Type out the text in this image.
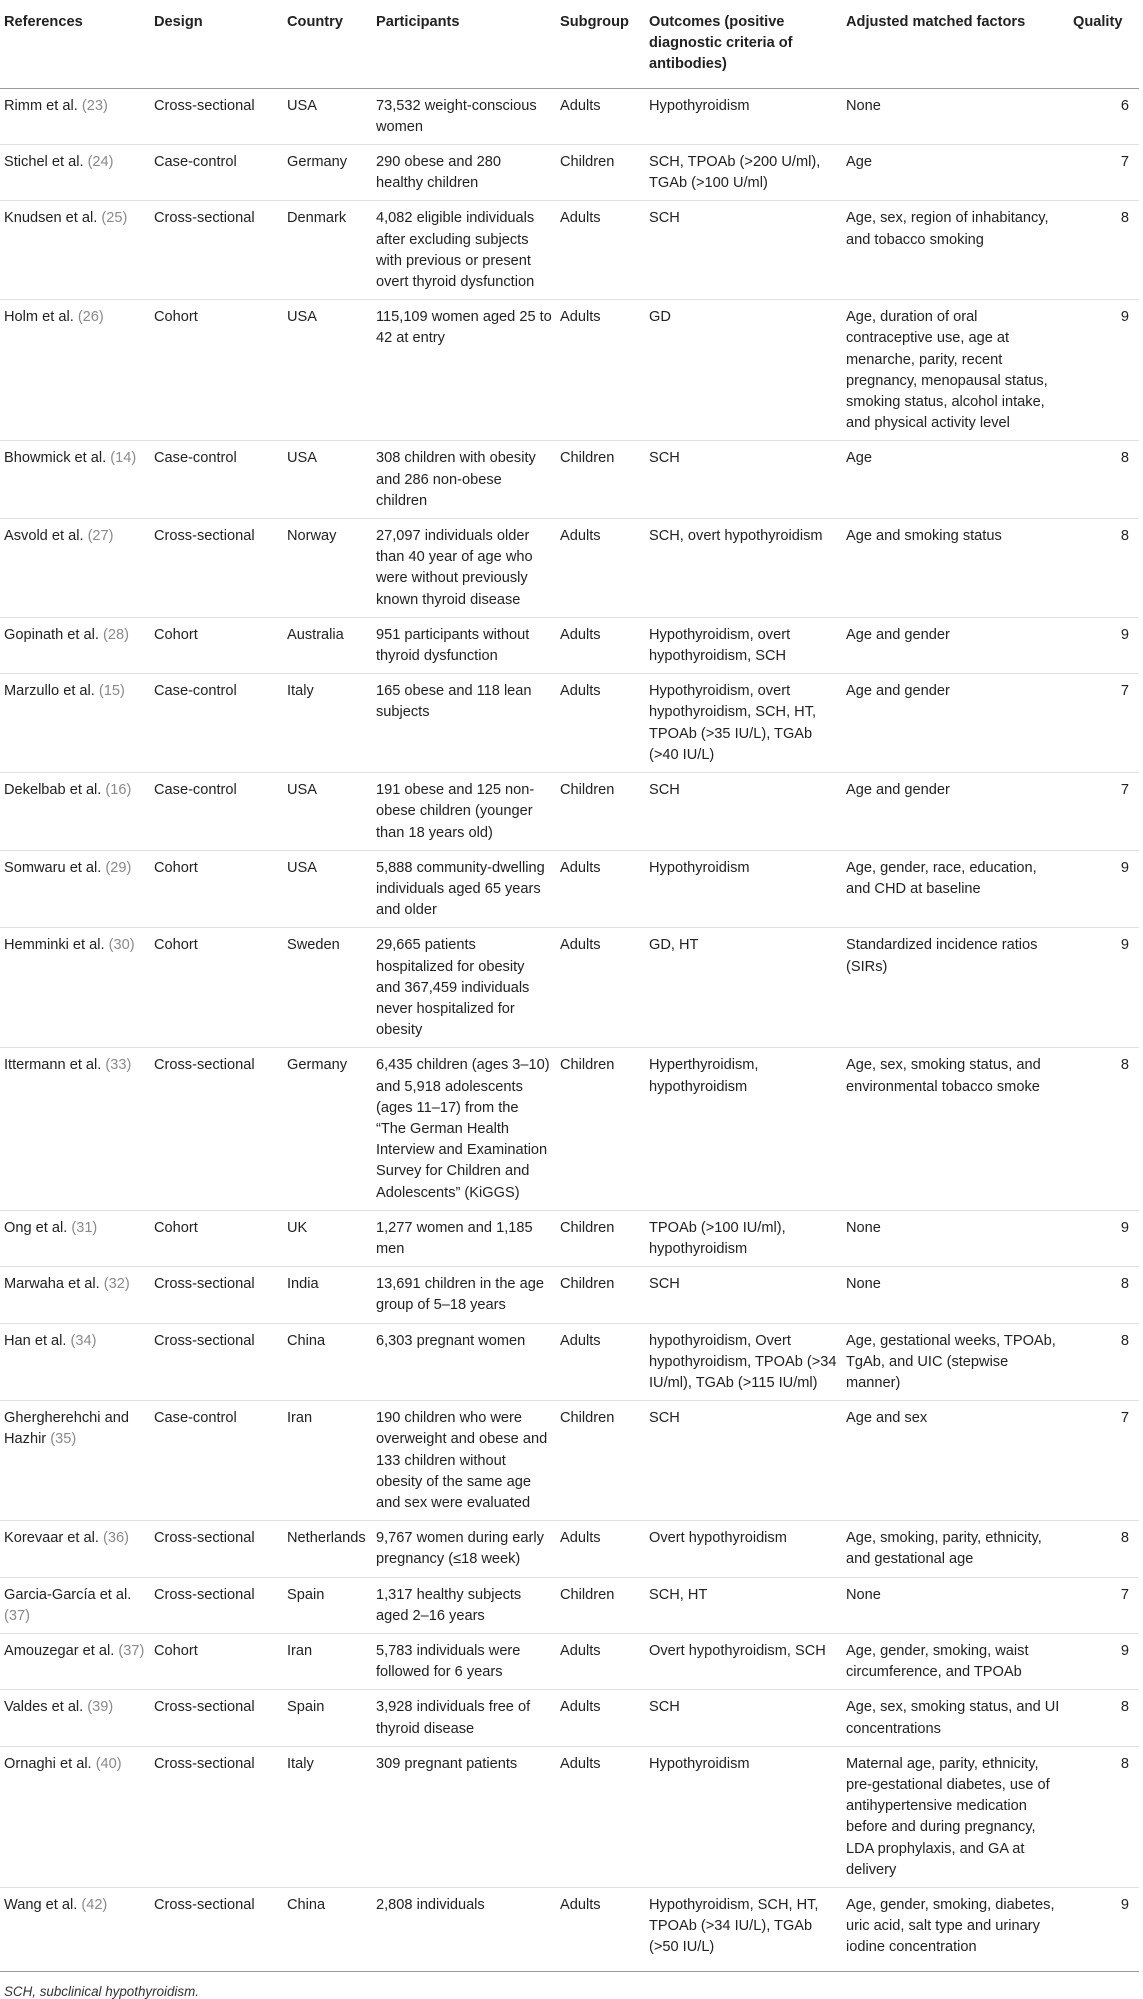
References	Design	Country	Participants	Subgroup	Outcomes (positive diagnostic criteria of antibodies)	Adjusted matched factors	Quality
Rimm et al. (23)	Cross-sectional	USA	73,532 weight-conscious women	Adults	Hypothyroidism	None	6
Stichel et al. (24)	Case-control	Germany	290 obese and 280 healthy children	Children	SCH, TPOAb (>200 U/ml), TGAb (>100 U/ml)	Age	7
Knudsen et al. (25)	Cross-sectional	Denmark	4,082 eligible individuals after excluding subjects with previous or present overt thyroid dysfunction	Adults	SCH	Age, sex, region of inhabitancy, and tobacco smoking	8
Holm et al. (26)	Cohort	USA	115,109 women aged 25 to 42 at entry	Adults	GD	Age, duration of oral contraceptive use, age at menarche, parity, recent pregnancy, menopausal status, smoking status, alcohol intake, and physical activity level	9
Bhowmick et al. (14)	Case-control	USA	308 children with obesity and 286 non-obese children	Children	SCH	Age	8
Asvold et al. (27)	Cross-sectional	Norway	27,097 individuals older than 40 year of age who were without previously known thyroid disease	Adults	SCH, overt hypothyroidism	Age and smoking status	8
Gopinath et al. (28)	Cohort	Australia	951 participants without thyroid dysfunction	Adults	Hypothyroidism, overt hypothyroidism, SCH	Age and gender	9
Marzullo et al. (15)	Case-control	Italy	165 obese and 118 lean subjects	Adults	Hypothyroidism, overt hypothyroidism, SCH, HT, TPOAb (>35 IU/L), TGAb (>40 IU/L)	Age and gender	7
Dekelbab et al. (16)	Case-control	USA	191 obese and 125 non-obese children (younger than 18 years old)	Children	SCH	Age and gender	7
Somwaru et al. (29)	Cohort	USA	5,888 community-dwelling individuals aged 65 years and older	Adults	Hypothyroidism	Age, gender, race, education, and CHD at baseline	9
Hemminki et al. (30)	Cohort	Sweden	29,665 patients hospitalized for obesity and 367,459 individuals never hospitalized for obesity	Adults	GD, HT	Standardized incidence ratios (SIRs)	9
Ittermann et al. (33)	Cross-sectional	Germany	6,435 children (ages 3–10) and 5,918 adolescents (ages 11–17) from the “The German Health Interview and Examination Survey for Children and Adolescents” (KiGGS)	Children	Hyperthyroidism, hypothyroidism	Age, sex, smoking status, and environmental tobacco smoke	8
Ong et al. (31)	Cohort	UK	1,277 women and 1,185 men	Children	TPOAb (>100 IU/ml), hypothyroidism	None	9
Marwaha et al. (32)	Cross-sectional	India	13,691 children in the age group of 5–18 years	Children	SCH	None	8
Han et al. (34)	Cross-sectional	China	6,303 pregnant women	Adults	hypothyroidism, Overt hypothyroidism, TPOAb (>34 IU/ml), TGAb (>115 IU/ml)	Age, gestational weeks, TPOAb, TgAb, and UIC (stepwise manner)	8
Ghergherehchi and Hazhir (35)	Case-control	Iran	190 children who were overweight and obese and 133 children without obesity of the same age and sex were evaluated	Children	SCH	Age and sex	7
Korevaar et al. (36)	Cross-sectional	Netherlands	9,767 women during early pregnancy (≤18 week)	Adults	Overt hypothyroidism	Age, smoking, parity, ethnicity, and gestational age	8
Garcia-García et al. (37)	Cross-sectional	Spain	1,317 healthy subjects aged 2–16 years	Children	SCH, HT	None	7
Amouzegar et al. (37)	Cohort	Iran	5,783 individuals were followed for 6 years	Adults	Overt hypothyroidism, SCH	Age, gender, smoking, waist circumference, and TPOAb	9
Valdes et al. (39)	Cross-sectional	Spain	3,928 individuals free of thyroid disease	Adults	SCH	Age, sex, smoking status, and UI concentrations	8
Ornaghi et al. (40)	Cross-sectional	Italy	309 pregnant patients	Adults	Hypothyroidism	Maternal age, parity, ethnicity, pre-gestational diabetes, use of antihypertensive medication before and during pregnancy, LDA prophylaxis, and GA at delivery	8
Wang et al. (42)	Cross-sectional	China	2,808 individuals	Adults	Hypothyroidism, SCH, HT, TPOAb (>34 IU/L), TGAb (>50 IU/L)	Age, gender, smoking, diabetes, uric acid, salt type and urinary iodine concentration	9
SCH, subclinical hypothyroidism.
